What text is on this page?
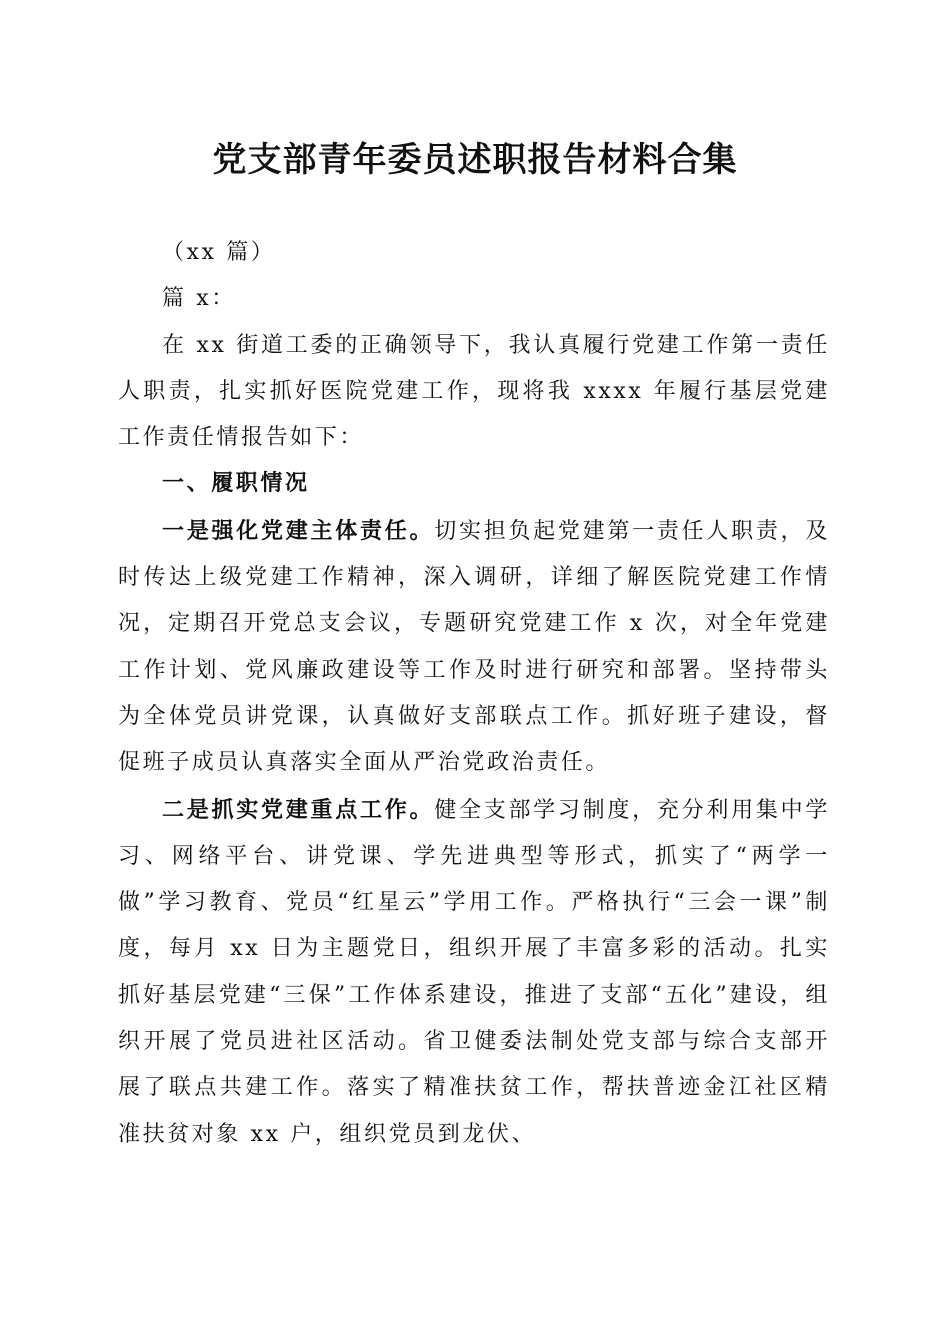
党支部青年委员述职报告材料合集

（xx 篇）

篇 x：

在 xx 街道工委的正确领导下，我认真履行党建工作第一责任人职责，扎实抓好医院党建工作，现将我 xxxx 年履行基层党建工作责任情报告如下：

一、履职情况

一是强化党建主体责任。切实担负起党建第一责任人职责，及时传达上级党建工作精神，深入调研，详细了解医院党建工作情况，定期召开党总支会议，专题研究党建工作 x 次，对全年党建工作计划、党风廉政建设等工作及时进行研究和部署。坚持带头为全体党员讲党课，认真做好支部联点工作。抓好班子建设，督促班子成员认真落实全面从严治党政治责任。

二是抓实党建重点工作。健全支部学习制度，充分利用集中学习、网络平台、讲党课、学先进典型等形式，抓实了“两学一做”学习教育、党员“红星云”学用工作。严格执行“三会一课”制度，每月 xx 日为主题党日，组织开展了丰富多彩的活动。扎实抓好基层党建“三保”工作体系建设，推进了支部“五化”建设，组织开展了党员进社区活动。省卫健委法制处党支部与综合支部开展了联点共建工作。落实了精准扶贫工作，帮扶普迹金江社区精准扶贫对象 xx 户，组织党员到龙伏、
